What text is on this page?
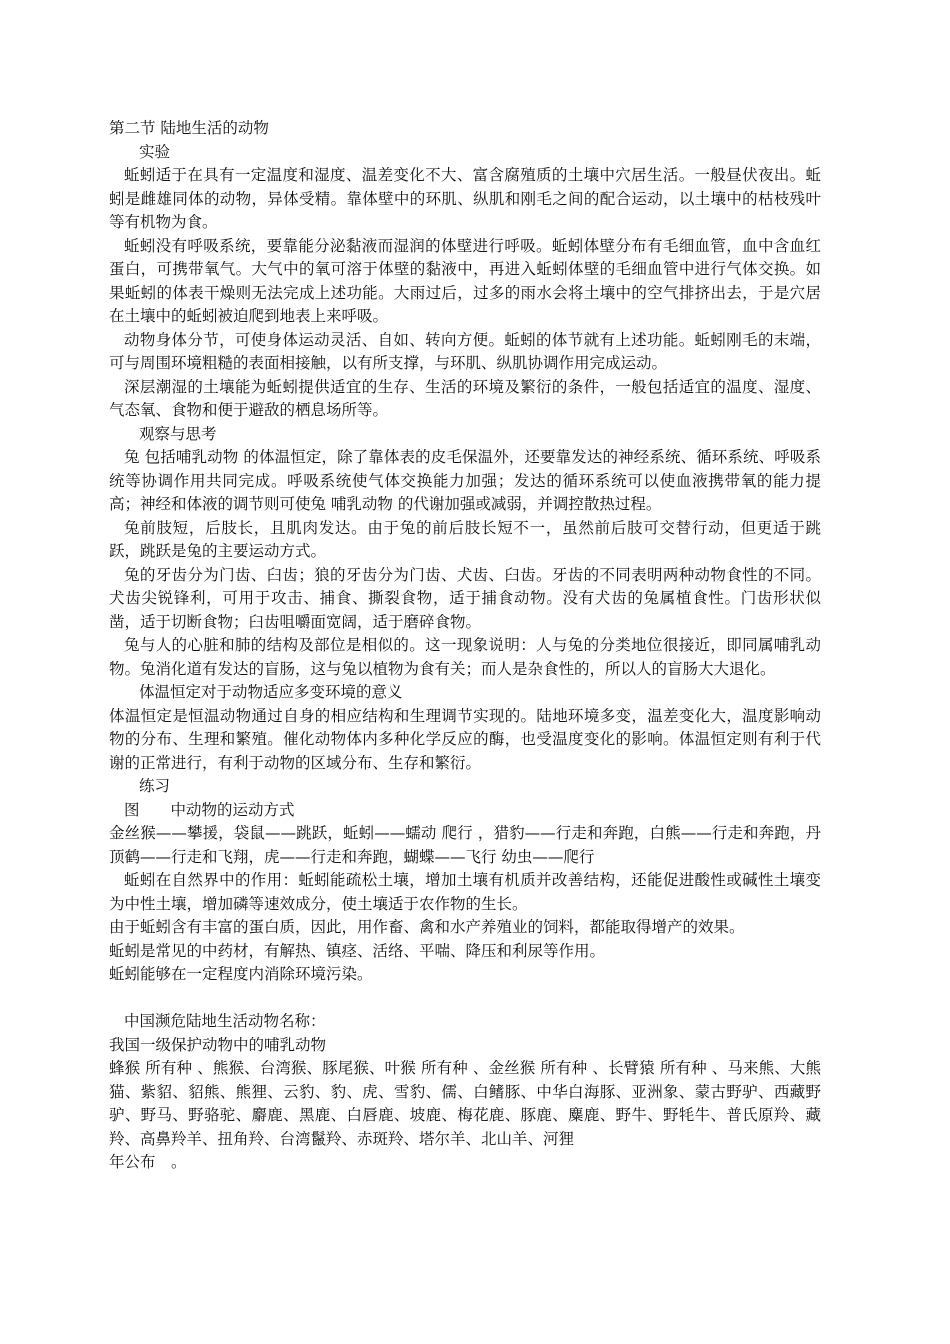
第二节 陆地生活的动物

实验

蚯蚓适于在具有一定温度和湿度、温差变化不大、富含腐殖质的土壤中穴居生活。一般昼伏夜出。蚯蚓是雌雄同体的动物，异体受精。靠体壁中的环肌、纵肌和刚毛之间的配合运动，以土壤中的枯枝残叶等有机物为食。

蚯蚓没有呼吸系统，要靠能分泌黏液而湿润的体壁进行呼吸。蚯蚓体壁分布有毛细血管，血中含血红蛋白，可携带氧气。大气中的氧可溶于体壁的黏液中，再进入蚯蚓体壁的毛细血管中进行气体交换。如果蚯蚓的体表干燥则无法完成上述功能。大雨过后，过多的雨水会将土壤中的空气排挤出去，于是穴居在土壤中的蚯蚓被迫爬到地表上来呼吸。

动物身体分节，可使身体运动灵活、自如、转向方便。蚯蚓的体节就有上述功能。蚯蚓刚毛的末端，可与周围环境粗糙的表面相接触，以有所支撑，与环肌、纵肌协调作用完成运动。

深层潮湿的土壤能为蚯蚓提供适宜的生存、生活的环境及繁衍的条件，一般包括适宜的温度、湿度、气态氧、食物和便于避敌的栖息场所等。

观察与思考

兔 包括哺乳动物 的体温恒定，除了靠体表的皮毛保温外，还要靠发达的神经系统、循环系统、呼吸系统等协调作用共同完成。呼吸系统使气体交换能力加强；发达的循环系统可以使血液携带氧的能力提高；神经和体液的调节则可使兔 哺乳动物 的代谢加强或减弱，并调控散热过程。

兔前肢短，后肢长，且肌肉发达。由于兔的前后肢长短不一，虽然前后肢可交替行动，但更适于跳跃，跳跃是兔的主要运动方式。

兔的牙齿分为门齿、臼齿；狼的牙齿分为门齿、犬齿、臼齿。牙齿的不同表明两种动物食性的不同。犬齿尖锐锋利，可用于攻击、捕食、撕裂食物，适于捕食动物。没有犬齿的兔属植食性。门齿形状似凿，适于切断食物；臼齿咀嚼面宽阔，适于磨碎食物。

兔与人的心脏和肺的结构及部位是相似的。这一现象说明：人与兔的分类地位很接近，即同属哺乳动物。兔消化道有发达的盲肠，这与兔以植物为食有关；而人是杂食性的，所以人的盲肠大大退化。

体温恒定对于动物适应多变环境的意义

体温恒定是恒温动物通过自身的相应结构和生理调节实现的。陆地环境多变，温差变化大，温度影响动物的分布、生理和繁殖。催化动物体内多种化学反应的酶，也受温度变化的影响。体温恒定则有利于代谢的正常进行，有利于动物的区域分布、生存和繁衍。

练习

图　　中动物的运动方式

金丝猴——攀援，袋鼠——跳跃，蚯蚓——蠕动 爬行 ，猎豹——行走和奔跑，白熊——行走和奔跑，丹顶鹤——行走和飞翔，虎——行走和奔跑，蝴蝶——飞行 幼虫——爬行

蚯蚓在自然界中的作用：蚯蚓能疏松土壤，增加土壤有机质并改善结构，还能促进酸性或碱性土壤变为中性土壤，增加磷等速效成分，使土壤适于农作物的生长。

由于蚯蚓含有丰富的蛋白质，因此，用作畜、禽和水产养殖业的饲料，都能取得增产的效果。

蚯蚓是常见的中药材，有解热、镇痉、活络、平喘、降压和利尿等作用。

蚯蚓能够在一定程度内消除环境污染。

中国濒危陆地生活动物名称：

我国一级保护动物中的哺乳动物

蜂猴 所有种 、熊猴、台湾猴、豚尾猴、叶猴 所有种 、金丝猴 所有种 、长臂猿 所有种 、马来熊、大熊猫、紫貂、貂熊、熊狸、云豹、豹、虎、雪豹、儒、白鳍豚、中华白海豚、亚洲象、蒙古野驴、西藏野驴、野马、野骆驼、麝鹿、黑鹿、白唇鹿、坡鹿、梅花鹿、豚鹿、麋鹿、野牛、野牦牛、普氏原羚、藏羚、高鼻羚羊、扭角羚、台湾鬣羚、赤斑羚、塔尔羊、北山羊、河狸

年公布　。
